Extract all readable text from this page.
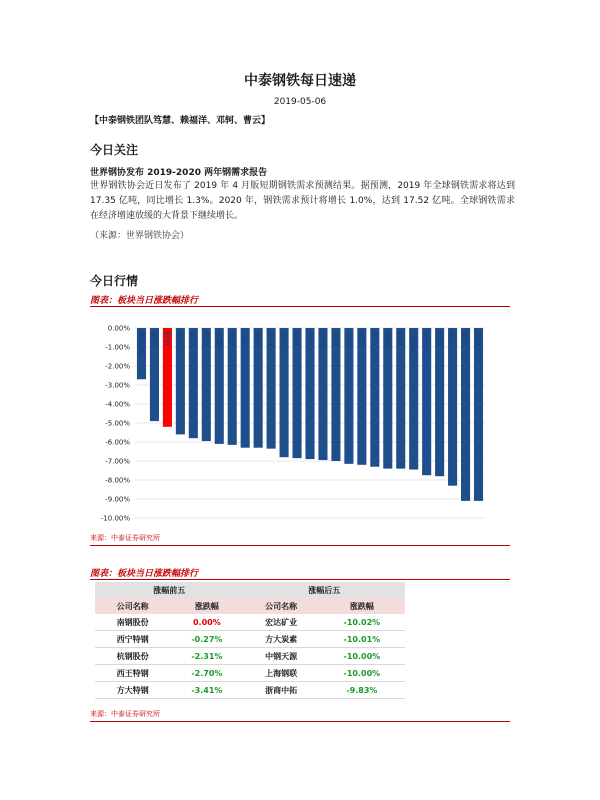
中泰钢铁每日速递
2019-05-06
【中泰钢铁团队笃慧、赖福洋、邓轲、曹云】
今日关注
世界钢协发布 2019-2020 两年钢需求报告
世界钢铁协会近日发布了 2019 年 4 月版短期钢铁需求预测结果。据预测，2019 年全球钢铁需求将达到 17.35 亿吨，同比增长 1.3%。2020 年，钢铁需求预计将增长 1.0%，达到 17.52 亿吨。全球钢铁需求在经济增速放缓的大背景下继续增长。
（来源：世界钢铁协会）
今日行情
图表：板块当日涨跌幅排行
0.00%
-1.00%
-2.00%
-3.00%
-4.00%
-5.00%
-6.00%
-7.00%
-8.00%
-9.00%
-10.00%
贵金属
煤炭
钢铁
有色
化工
建材
机械
电气
汽车
家电
轻工
纺织
建筑
房地产
交运
公用
农业
医药
电子
通信
传媒
计算机
军工
非银
银行
综合
商贸
来源：中泰证券研究所
图表：板块当日涨跌幅排行
涨幅前五		涨幅后五	
公司名称	涨跌幅	公司名称	涨跌幅
南钢股份	0.00%	宏达矿业	-10.02%
西宁特钢	-0.27%	方大炭素	-10.01%
杭钢股份	-2.31%	中钢天源	-10.00%
西王特钢	-2.70%	上海钢联	-10.00%
方大特钢	-3.41%	浙商中拓	-9.83%
来源：中泰证券研究所
